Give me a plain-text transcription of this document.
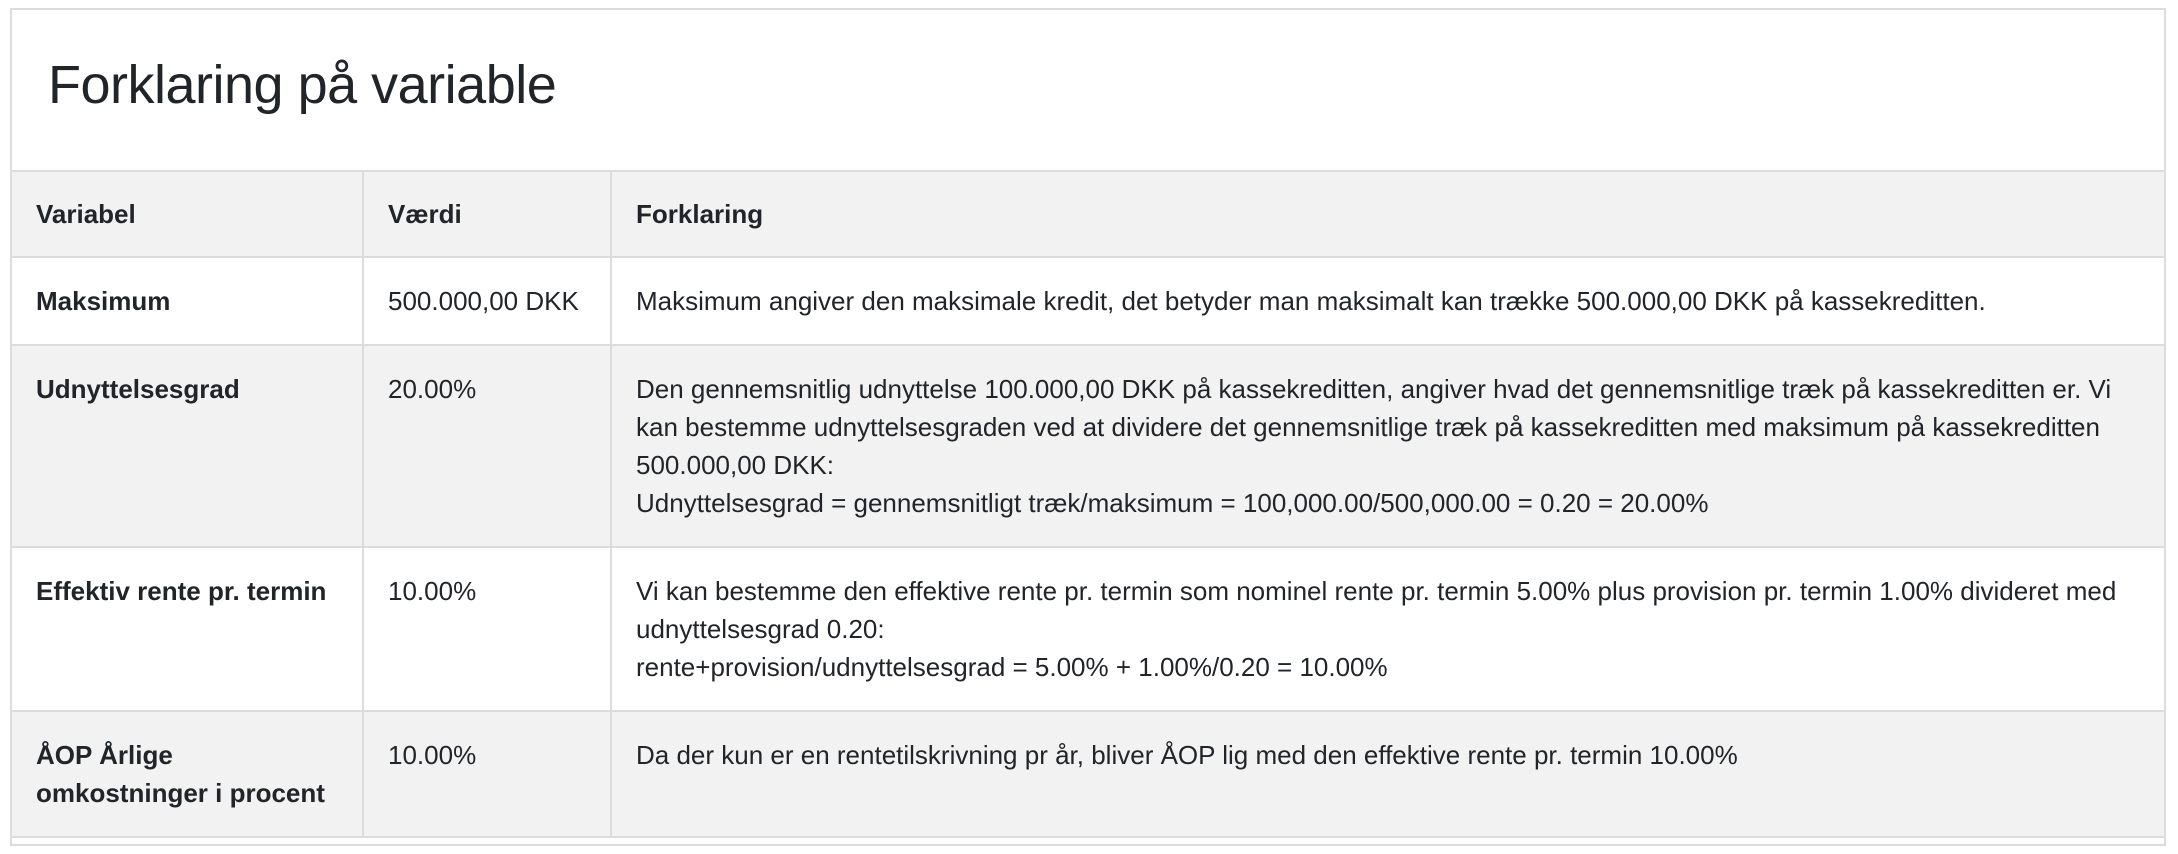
Forklaring på variable
Variabel	Værdi	Forklaring
Maksimum	500.000,00 DKK	Maksimum angiver den maksimale kredit, det betyder man maksimalt kan trække 500.000,00 DKK på kassekreditten.

Udnyttelsesgrad	20.00%	Den gennemsnitlig udnyttelse 100.000,00 DKK på kassekreditten, angiver hvad det gennemsnitlige træk på kassekreditten er. Vi kan bestemme udnyttelsesgraden ved at dividere det gennemsnitlige træk på kassekreditten med maksimum på kassekreditten 500.000,00 DKK:
Udnyttelsesgrad = gennemsnitligt træk/maksimum = 100,000.00/500,000.00 = 0.20 = 20.00%

Effektiv rente pr. termin	10.00%	Vi kan bestemme den effektive rente pr. termin som nominel rente pr. termin 5.00% plus provision pr. termin 1.00% divideret med udnyttelsesgrad 0.20:
rente+provision/udnyttelsesgrad = 5.00% + 1.00%/0.20 = 10.00%

ÅOP Årlige omkostninger i procent	10.00%	Da der kun er en rentetilskrivning pr år, bliver ÅOP lig med den effektive rente pr. termin 10.00%
